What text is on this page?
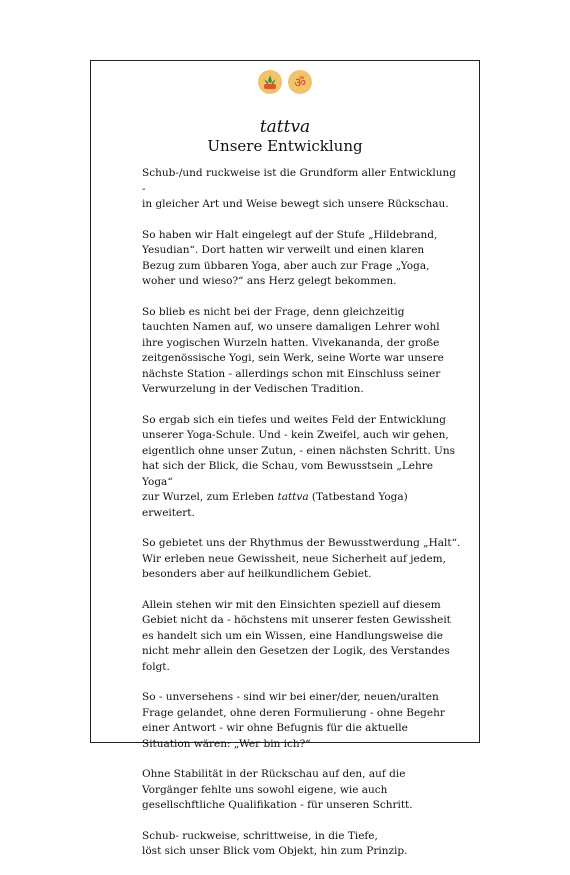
ॐ
tattva
Unsere Entwicklung

Schub-/und ruckweise ist die Grundform aller Entwicklung -
in gleicher Art und Weise bewegt sich unsere Rückschau.

So haben wir Halt eingelegt auf der Stufe „Hildebrand,
Yesudian“. Dort hatten wir verweilt und einen klaren
Bezug zum übbaren Yoga, aber auch zur Frage „Yoga,
woher und wieso?“ ans Herz gelegt bekommen.

So blieb es nicht bei der Frage, denn gleichzeitig
tauchten Namen auf, wo unsere damaligen Lehrer wohl
ihre yogischen Wurzeln hatten. Vivekananda, der große
zeitgenössische Yogi, sein Werk, seine Worte war unsere
nächste Station - allerdings schon mit Einschluss seiner
Verwurzelung in der Vedischen Tradition.

So ergab sich ein tiefes und weites Feld der Entwicklung
unserer Yoga-Schule. Und - kein Zweifel, auch wir gehen,
eigentlich ohne unser Zutun, - einen nächsten Schritt. Uns
hat sich der Blick, die Schau, vom Bewusstsein „Lehre Yoga“
zur Wurzel, zum Erleben tattva (Tatbestand Yoga) erweitert.

So gebietet uns der Rhythmus der Bewusstwerdung „Halt“.
Wir erleben neue Gewissheit, neue Sicherheit auf jedem,
besonders aber auf heilkundlichem Gebiet.

Allein stehen wir mit den Einsichten speziell auf diesem
Gebiet nicht da - höchstens mit unserer festen Gewissheit
es handelt sich um ein Wissen, eine Handlungsweise die
nicht mehr allein den Gesetzen der Logik, des Verstandes
folgt.

So - unversehens - sind wir bei einer/der, neuen/uralten
Frage gelandet, ohne deren Formulierung - ohne Begehr
einer Antwort - wir ohne Befugnis für die aktuelle
Situation wären: „Wer bin ich?“

Ohne Stabilität in der Rückschau auf den, auf die
Vorgänger fehlte uns sowohl eigene, wie auch
gesellschftliche Qualifikation - für unseren Schritt.

Schub- ruckweise, schrittweise, in die Tiefe,
löst sich unser Blick vom Objekt, hin zum Prinzip.
